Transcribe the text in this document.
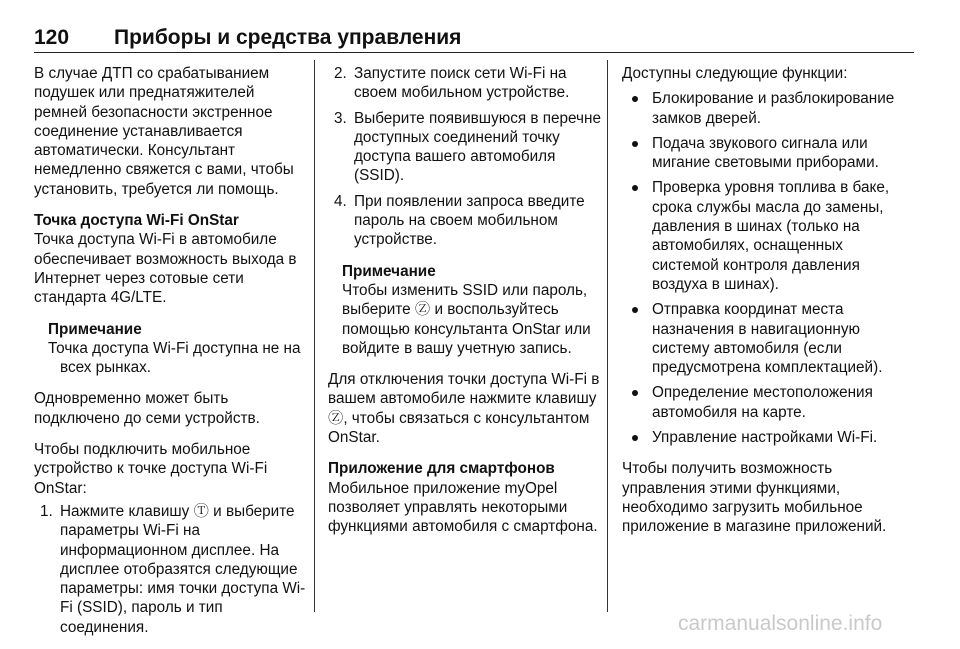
120 Приборы и средства управления

В случае ДТП со срабатыванием подушек или преднатяжителей ремней безопасности экстренное соединение устанавливается автоматически. Консультант немедленно свяжется с вами, чтобы установить, требуется ли помощь.

Точка доступа Wi-Fi OnStar

Точка доступа Wi-Fi в автомобиле обеспечивает возможность выхода в Интернет через сотовые сети стандарта 4G/LTE.

Примечание
Точка доступа Wi-Fi доступна не на всех рынках.

Одновременно может быть подключено до семи устройств.

Чтобы подключить мобильное устройство к точке доступа Wi-Fi OnStar:

1. Нажмите клавишу Ⓣ и выберите параметры Wi-Fi на информационном дисплее. На дисплее отобразятся следующие параметры: имя точки доступа Wi-Fi (SSID), пароль и тип соединения.
2. Запустите поиск сети Wi-Fi на своем мобильном устройстве.
3. Выберите появившуюся в перечне доступных соединений точку доступа вашего автомобиля (SSID).
4. При появлении запроса введите пароль на своем мобильном устройстве.
Примечание
Чтобы изменить SSID или пароль, выберите Ⓩ и воспользуйтесь помощью консультанта OnStar или войдите в вашу учетную запись.

Для отключения точки доступа Wi-Fi в вашем автомобиле нажмите клавишу Ⓩ, чтобы связаться с консультантом OnStar.

Приложение для смартфонов

Мобильное приложение myOpel позволяет управлять некоторыми функциями автомобиля с смартфона.

Доступны следующие функции:

Блокирование и разблокирование замков дверей.
Подача звукового сигнала или мигание световыми приборами.
Проверка уровня топлива в баке, срока службы масла до замены, давления в шинах (только на автомобилях, оснащенных системой контроля давления воздуха в шинах).
Отправка координат места назначения в навигационную систему автомобиля (если предусмотрена комплектацией).
Определение местоположения автомобиля на карте.
Управление настройками Wi-Fi.

Чтобы получить возможность управления этими функциями, необходимо загрузить мобильное приложение в магазине приложений.

carmanualsonline.info
